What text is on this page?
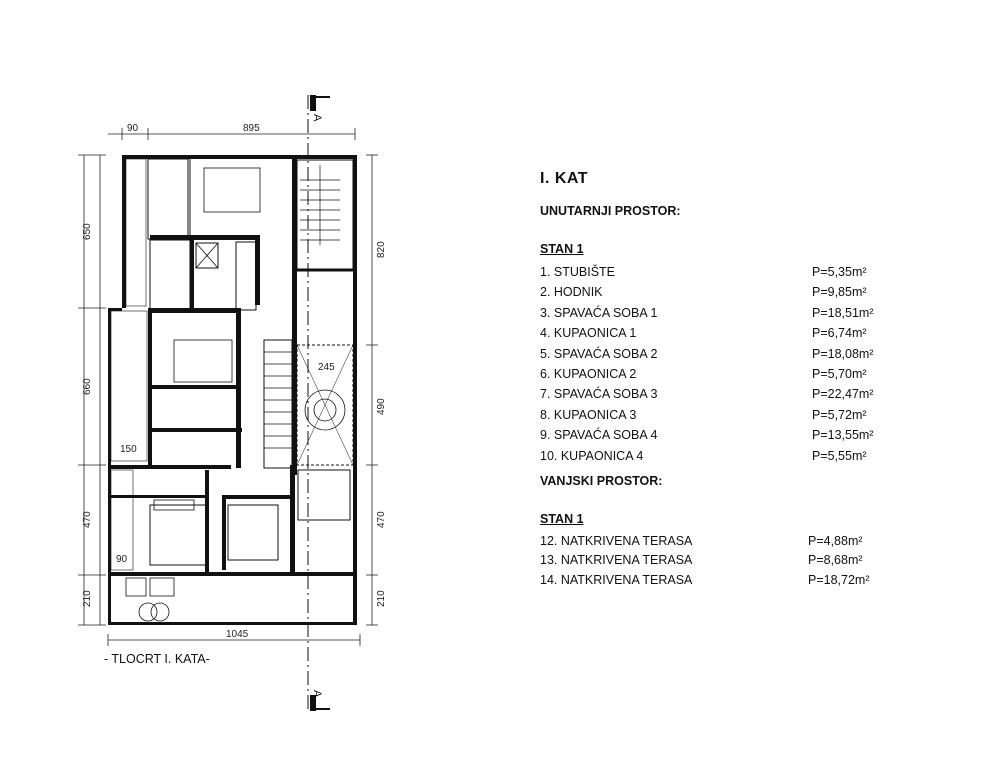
A
A
90	895
650
660
470
210
820
490
470
210
1045
245
150
90
- TLOCRT I. KATA-
I. KAT
UNUTARNJI PROSTOR:
STAN 1
1. STUBIŠTE	P=5,35m²
2. HODNIK	P=9,85m²
3. SPAVAĆA SOBA 1	P=18,51m²
4. KUPAONICA 1	P=6,74m²
5. SPAVAĆA SOBA 2	P=18,08m²
6. KUPAONICA 2	P=5,70m²
7. SPAVAĆA SOBA 3	P=22,47m²
8. KUPAONICA 3	P=5,72m²
9. SPAVAĆA SOBA 4	P=13,55m²
10. KUPAONICA 4	P=5,55m²
VANJSKI PROSTOR:
STAN 1
12. NATKRIVENA TERASA	P=4,88m²
13. NATKRIVENA TERASA	P=8,68m²
14. NATKRIVENA TERASA	P=18,72m²
